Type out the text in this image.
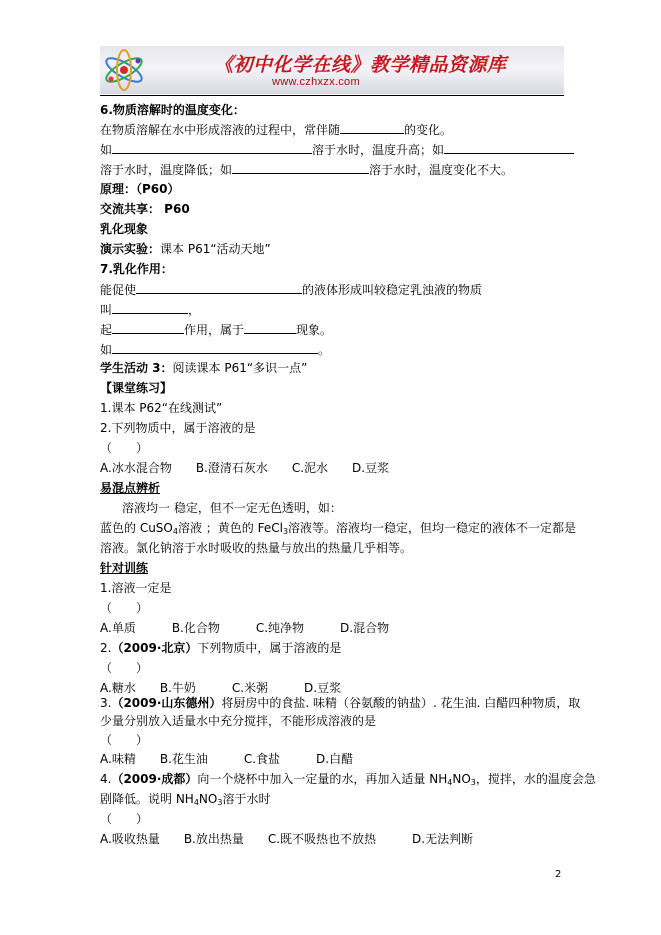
《初中化学在线》教学精品资源库
www.czhxzx.com
6.物质溶解时的温度变化：
在物质溶解在水中形成溶液的过程中，常伴随	的变化。
如	溶于水时，温度升高；如
溶于水时，温度降低；如	溶于水时，温度变化不大。
原理：（P60）
交流共享： P60
乳化现象
演示实验：课本 P61“活动天地”
7.乳化作用：
能促使	的液体形成叫较稳定乳浊液的物质
叫	，
起	作用，属于	现象。
如	。
学生活动 3：阅读课本 P61“多识一点”
【课堂练习】
1.课本 P62“在线测试”
2.下列物质中，属于溶液的是
（　　）
A.冰水混合物　　B.澄清石灰水　　C.泥水　　D.豆浆
易混点辨析
溶液均一 稳定，但不一定无色透明，如：
蓝色的 CuSO$_4$溶液 ；黄色的 FeCl$_3$溶液等。溶液均一稳定，但均一稳定的液体不一定都是
溶液。氯化钠溶于水时吸收的热量与放出的热量几乎相等。
针对训练
1.溶液一定是
（　　）
A.单质　　　B.化合物　　　C.纯净物　　　D.混合物
2.（2009·北京）下列物质中，属于溶液的是
（　　）
A.糖水　　B.牛奶　　　C.米粥　　　D.豆浆
3.（2009·山东德州）将厨房中的食盐. 味精（谷氨酸的钠盐）. 花生油. 白醋四种物质，取
少量分别放入适量水中充分搅拌，不能形成溶液的是
（　　）
A.味精　　B.花生油　　　C.食盐　　　D.白醋
4.（2009·成都）向一个烧杯中加入一定量的水，再加入适量 $NH_4NO_3$，搅拌，水的温度会急
剧降低。说明 $NH_4NO_3$溶于水时
（　　）
A.吸收热量　　B.放出热量　　C.既不吸热也不放热　　　D.无法判断
2
